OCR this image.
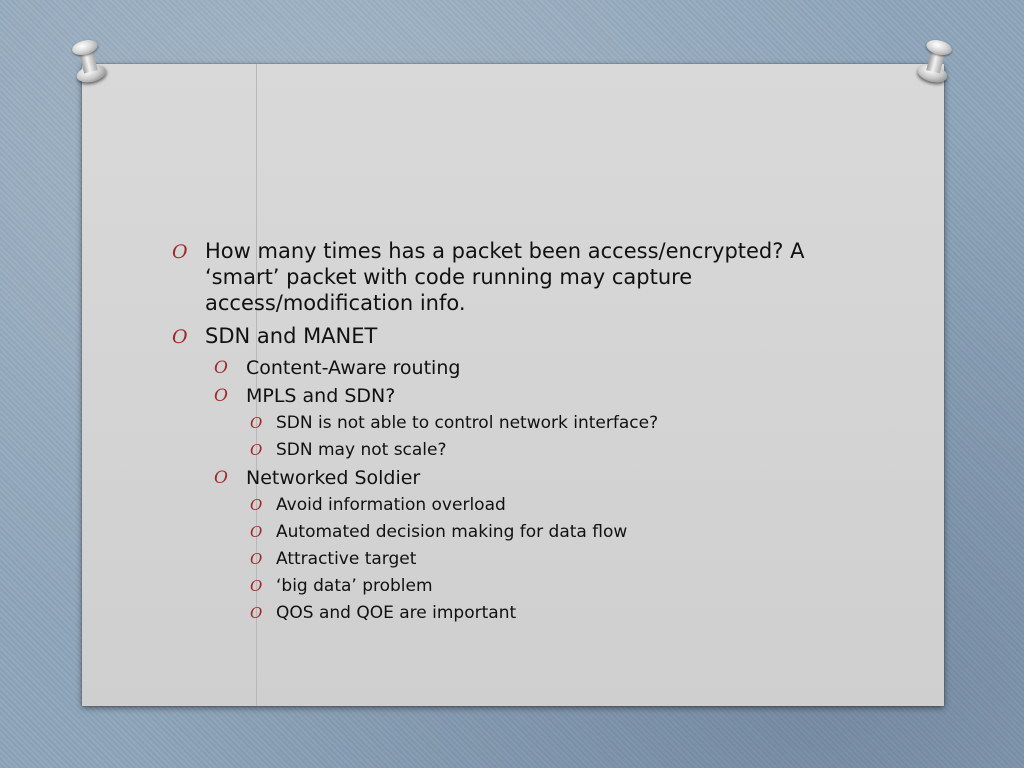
O How many times has a packet been access/encrypted? A ‘smart’ packet with code running may capture access/modification info.
O SDN and MANET
O Content-Aware routing
O MPLS and SDN?
O SDN is not able to control network interface?
O SDN may not scale?
O Networked Soldier
O Avoid information overload
O Automated decision making for data flow
O Attractive target
O ‘big data’ problem
O QOS and QOE are important
